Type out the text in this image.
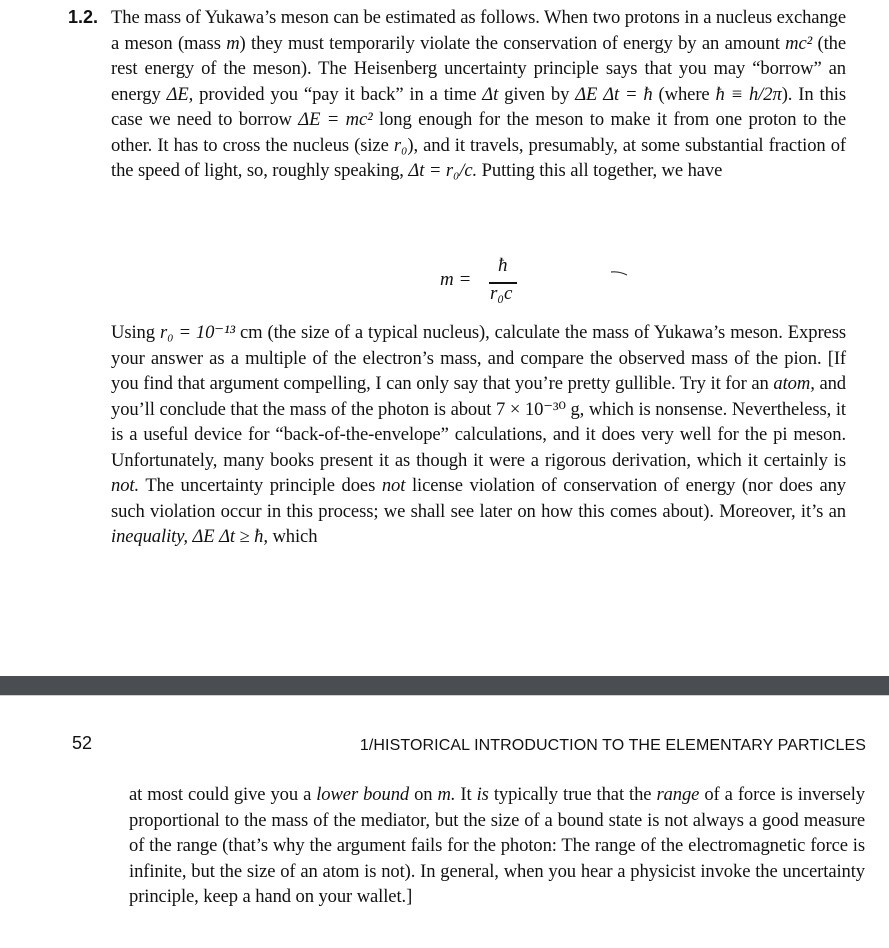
1.2. The mass of Yukawa’s meson can be estimated as follows. When two protons in a nucleus exchange a meson (mass m) they must temporarily violate the conservation of energy by an amount mc² (the rest energy of the meson). The Heisenberg uncertainty principle says that you may “borrow” an energy ΔE, provided you “pay it back” in a time Δt given by ΔE Δt = ħ (where ħ ≡ h/2π). In this case we need to borrow ΔE = mc² long enough for the meson to make it from one proton to the other. It has to cross the nucleus (size r₀), and it travels, presumably, at some substantial fraction of the speed of light, so, roughly speaking, Δt = r₀/c. Putting this all together, we have
m =
ħ
r₀c
Using r₀ = 10⁻¹³ cm (the size of a typical nucleus), calculate the mass of Yukawa’s meson. Express your answer as a multiple of the electron’s mass, and compare the observed mass of the pion. [If you find that argument compelling, I can only say that you’re pretty gullible. Try it for an atom, and you’ll conclude that the mass of the photon is about 7 × 10⁻³⁰ g, which is nonsense. Nevertheless, it is a useful device for “back-of-the-envelope” calculations, and it does very well for the pi meson. Unfortunately, many books present it as though it were a rigorous derivation, which it certainly is not. The uncertainty principle does not license violation of conservation of energy (nor does any such violation occur in this process; we shall see later on how this comes about). Moreover, it’s an inequality, ΔE Δt ≥ ħ, which
52	1/HISTORICAL INTRODUCTION TO THE ELEMENTARY PARTICLES
at most could give you a lower bound on m. It is typically true that the range of a force is inversely proportional to the mass of the mediator, but the size of a bound state is not always a good measure of the range (that’s why the argument fails for the photon: The range of the electromagnetic force is infinite, but the size of an atom is not). In general, when you hear a physicist invoke the uncertainty principle, keep a hand on your wallet.]
